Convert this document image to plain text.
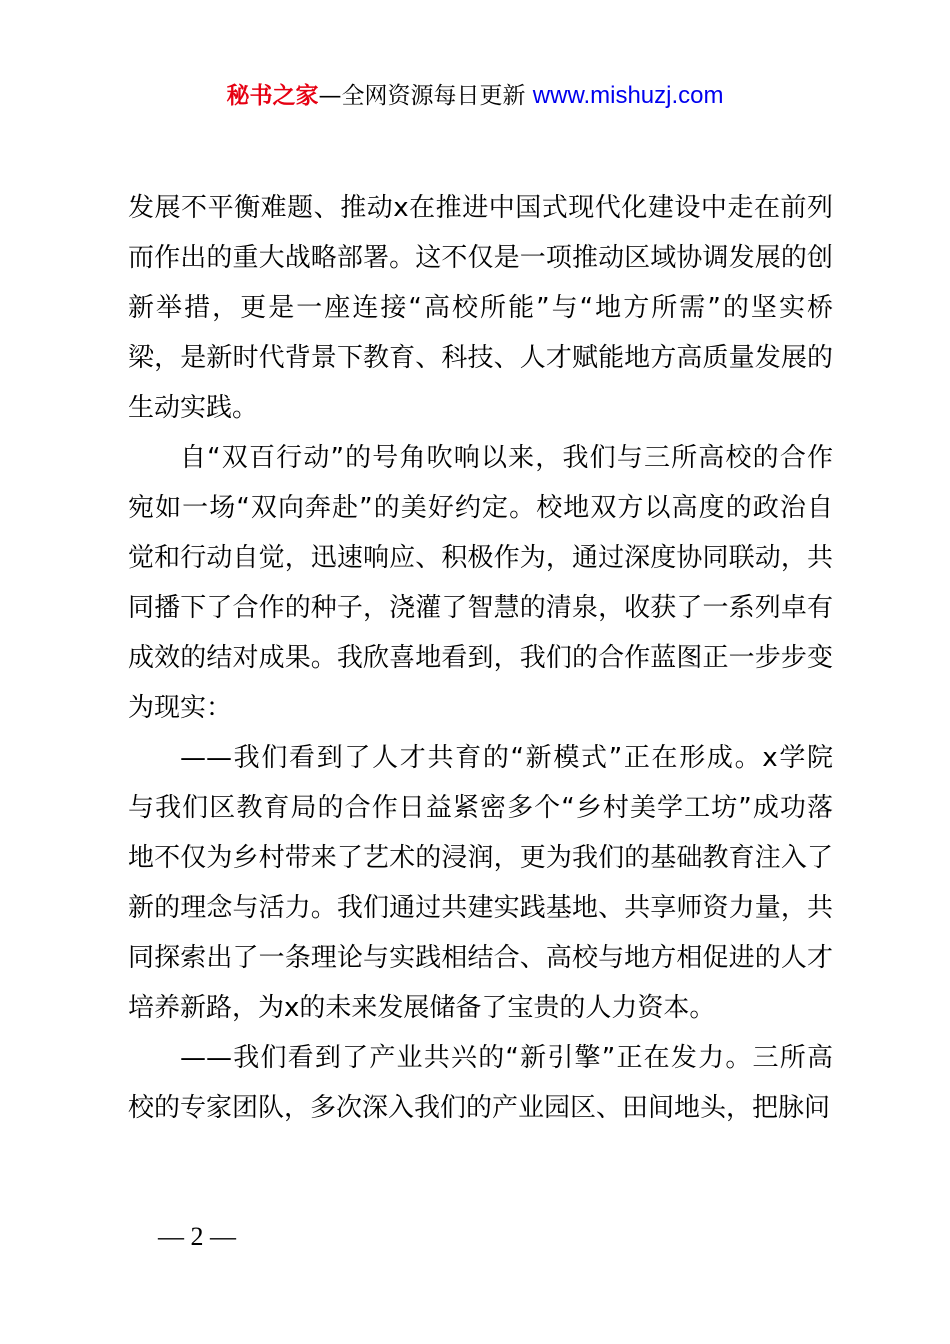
秘书之家—全网资源每日更新 www.mishuzj.com
发展不平衡难题、推动x在推进中国式现代化建设中走在前列
而作出的重大战略部署。这不仅是一项推动区域协调发展的创
新举措，更是一座连接“高校所能”与“地方所需”的坚实桥
梁，是新时代背景下教育、科技、人才赋能地方高质量发展的
生动实践。
自“双百行动”的号角吹响以来，我们与三所高校的合作
宛如一场“双向奔赴”的美好约定。校地双方以高度的政治自
觉和行动自觉，迅速响应、积极作为，通过深度协同联动，共
同播下了合作的种子，浇灌了智慧的清泉，收获了一系列卓有
成效的结对成果。我欣喜地看到，我们的合作蓝图正一步步变
为现实：
——我们看到了人才共育的“新模式”正在形成。x学院
与我们区教育局的合作日益紧密多个“乡村美学工坊”成功落
地不仅为乡村带来了艺术的浸润，更为我们的基础教育注入了
新的理念与活力。我们通过共建实践基地、共享师资力量，共
同探索出了一条理论与实践相结合、高校与地方相促进的人才
培养新路，为x的未来发展储备了宝贵的人力资本。
——我们看到了产业共兴的“新引擎”正在发力。三所高
校的专家团队，多次深入我们的产业园区、田间地头，把脉问
— 2 —
